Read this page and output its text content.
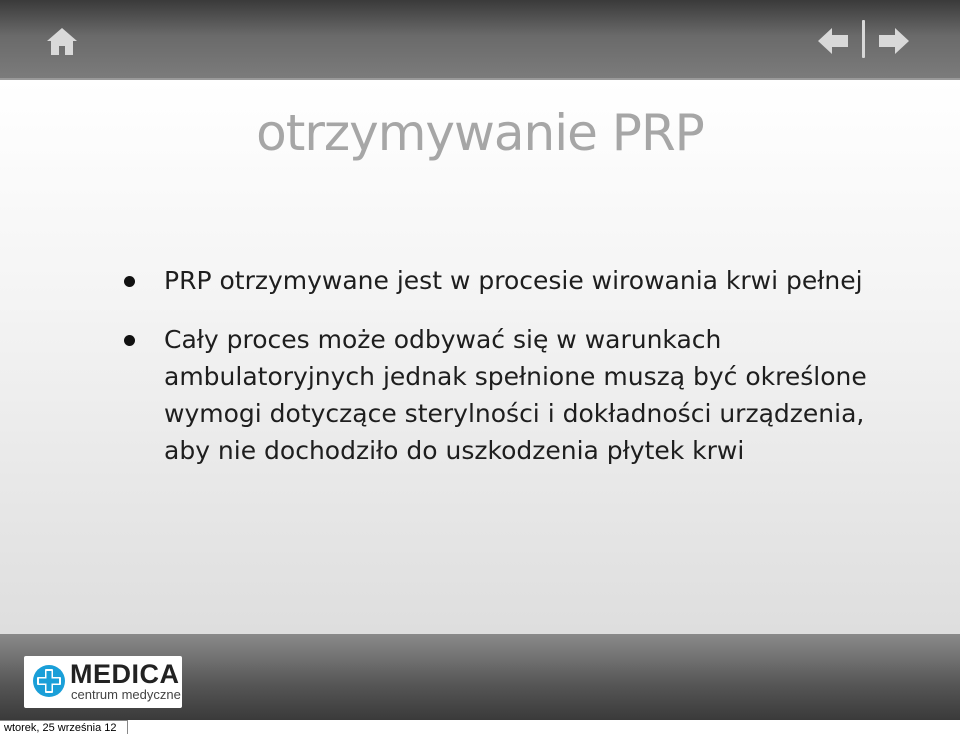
otrzymywanie PRP
PRP otrzymywane jest w procesie wirowania krwi pełnej
Cały proces może odbywać się w warunkach ambulatoryjnych jednak spełnione muszą być określone wymogi dotyczące sterylności i dokładności urządzenia, aby nie dochodziło do uszkodzenia płytek krwi
MEDICA
centrum medyczne
wtorek, 25 września 12
